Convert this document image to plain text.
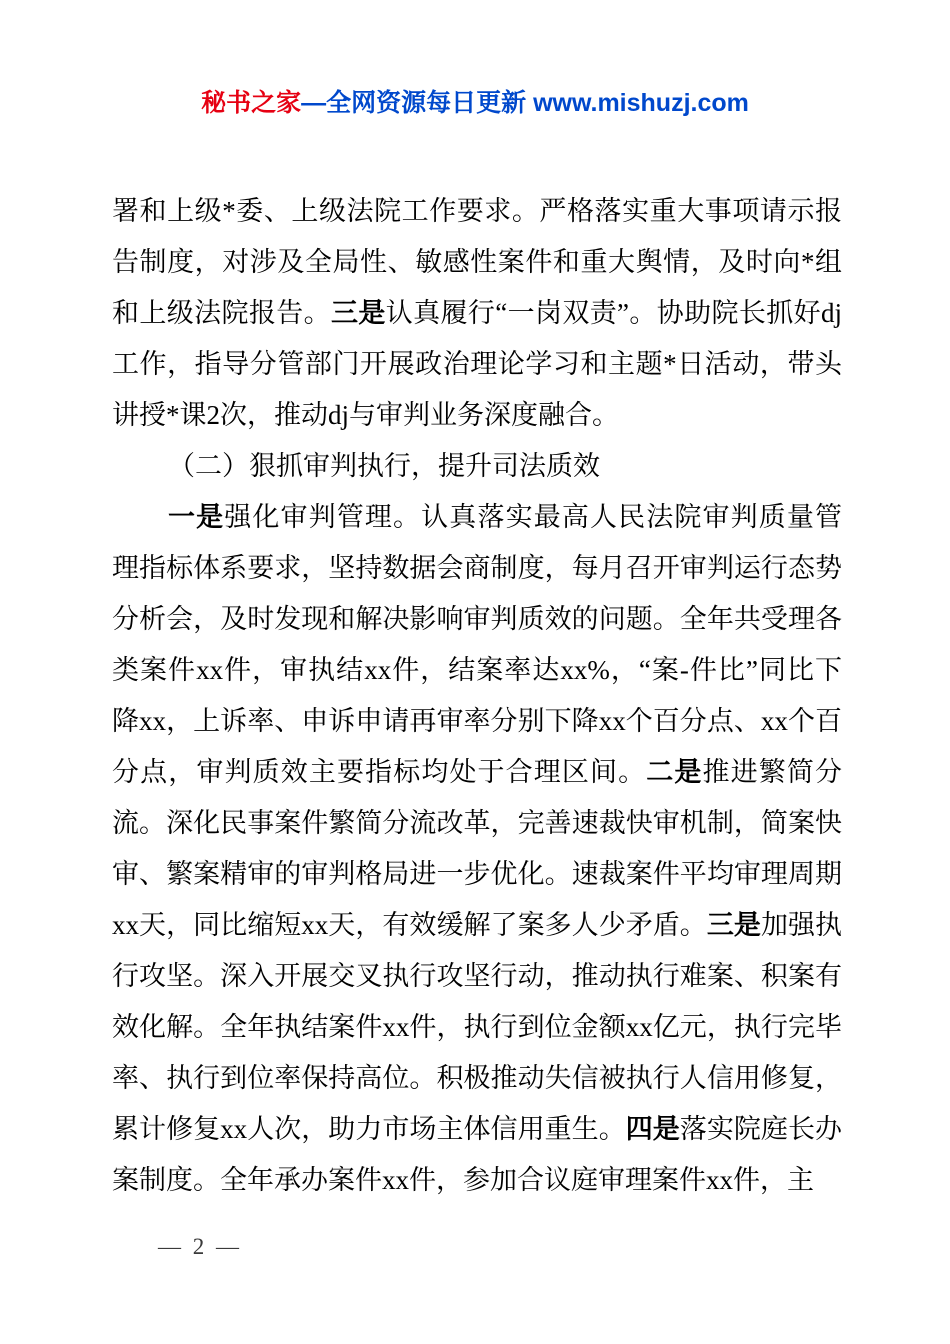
秘书之家—全网资源每日更新 www.mishuzj.com

署和上级*委、上级法院工作要求。严格落实重大事项请示报告制度，对涉及全局性、敏感性案件和重大舆情，及时向*组和上级法院报告。三是认真履行“一岗双责”。协助院长抓好dj工作，指导分管部门开展政治理论学习和主题*日活动，带头讲授*课2次，推动dj与审判业务深度融合。

（二）狠抓审判执行，提升司法质效

一是强化审判管理。认真落实最高人民法院审判质量管理指标体系要求，坚持数据会商制度，每月召开审判运行态势分析会，及时发现和解决影响审判质效的问题。全年共受理各类案件xx件，审执结xx件，结案率达xx%，“案-件比”同比下降xx，上诉率、申诉申请再审率分别下降xx个百分点、xx个百分点，审判质效主要指标均处于合理区间。二是推进繁简分流。深化民事案件繁简分流改革，完善速裁快审机制，简案快审、繁案精审的审判格局进一步优化。速裁案件平均审理周期xx天，同比缩短xx天，有效缓解了案多人少矛盾。三是加强执行攻坚。深入开展交叉执行攻坚行动，推动执行难案、积案有效化解。全年执结案件xx件，执行到位金额xx亿元，执行完毕率、执行到位率保持高位。积极推动失信被执行人信用修复，累计修复xx人次，助力市场主体信用重生。四是落实院庭长办案制度。全年承办案件xx件，参加合议庭审理案件xx件，主

— 2 —
